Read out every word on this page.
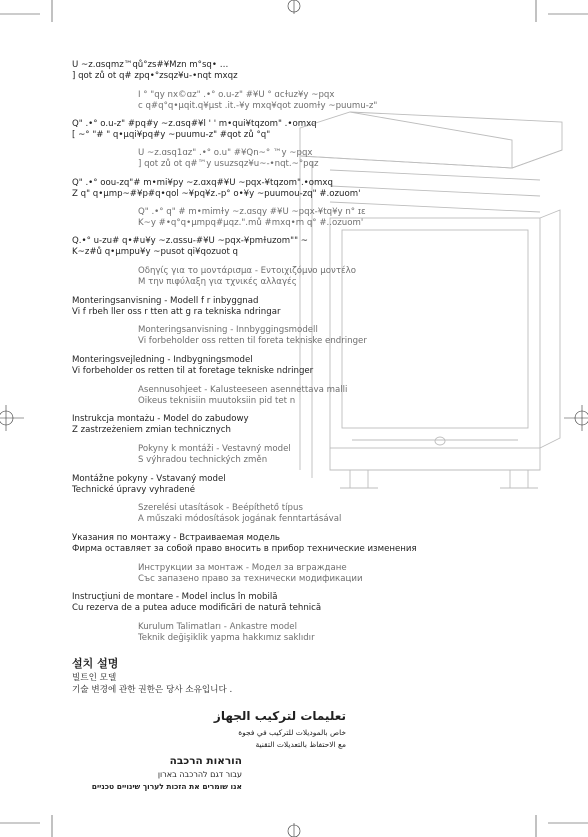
U ~z.ɑsqmz™qů°zs#¥Mzn m°sq• …
] qot zů ot q# zpq•°zsqz¥u-•nqt mxqz
I ° "qy nx©ɑz" .•° o.u-z" #¥U ° ɑcɫuz¥y ~pqx
c q#q°q•µqit.q¥µst .it.-¥y mxq¥qot zuomɫy ~puumu-z"
Q" .•° o.u-z" #pq#y ~z.ɑsq#¥l ' ' m•qui¥tqzom" .•omxq
[ ~° "# " q•µqi¥pq#y ~puumu-z" #qot zů °q"
U ~z.ɑsq1ɑz" .•° o.u" #¥Qn~° ™y ~pqx
] qot zů ot q#™y usuzsqz¥u~-•nqt.~°pqz
Q" .•° oou-zq"# m•mi¥py ~z.ɑxq#¥U ~pqx-¥tqzom".•omxq
Z q" q•µmp~#¥p#q•qol ~¥pq¥z.-p° o•¥y ~puumou-zq" #.ozuom'
Q" .•° q" # m•mimɫy ~z.ɑsqy #¥U ~pqx-¥tq¥y n° ɪɛ
K~y #•q°q•µmpq#µqz.".mů #mxq•m q° #..ozuom'
Q.•° u-zu# q•#u¥y ~z.ɑssu-#¥U ~pqx-¥pmɫuzom"" ~
K~z#ů q•µmpu¥y ~pusot qi¥qozuot q
Οδηγίς για το μοντάρισμα - Εντοιχιζόμνο μοντέλο
Μ την πιφύλαξη για τχνικές αλλαγές
Monteringsanvisning - Modell f r inbyggnad
Vi f rbeh ller oss r tten att g ra tekniska ndringar
Monteringsanvisning - Innbyggingsmodell
Vi forbeholder oss retten til foreta tekniske endringer
Monteringsvejledning - Indbygningsmodel
Vi forbeholder os retten til at foretage tekniske ndringer
Asennusohjeet - Kalusteeseen asennettava malli
Oikeus teknisiin muutoksiin pid tet n
Instrukcja montażu - Model do zabudowy
Z zastrzeżeniem zmian technicznych
Pokyny k montáži - Vestavný model
S výhradou technických změn
Montážne pokyny - Vstavaný model
Technické úpravy vyhradené
Szerelési utasítások - Beépíthető típus
A műszaki módosítások jogának fenntartásával
Указания по монтажу - Встраиваемая модель
Фирма оставляет за собой право вносить в прибор технические изменения
Инструкции за монтаж - Модел за вграждане
Със запазено право за технически модификации
Instrucţiuni de montare - Model inclus în mobilă
Cu rezerva de a putea aduce modificări de natură tehnică
Kurulum Talimatları - Ankastre model
Teknik değişiklik yapma hakkımız saklıdır
설치 설명
빌트인 모델
기술 변경에 관한 권한은 당사 소유입니다 .
تعليمات لتركيب الجهاز
خاص بالموديلات للتركيب في فجوة
مع الاحتفاظ بالتعديلات التقنية
הוראות הרכבה
עבור דגם להרכבה בארון
אנו שומרים את הזכות לערוך שינויים טכניים
